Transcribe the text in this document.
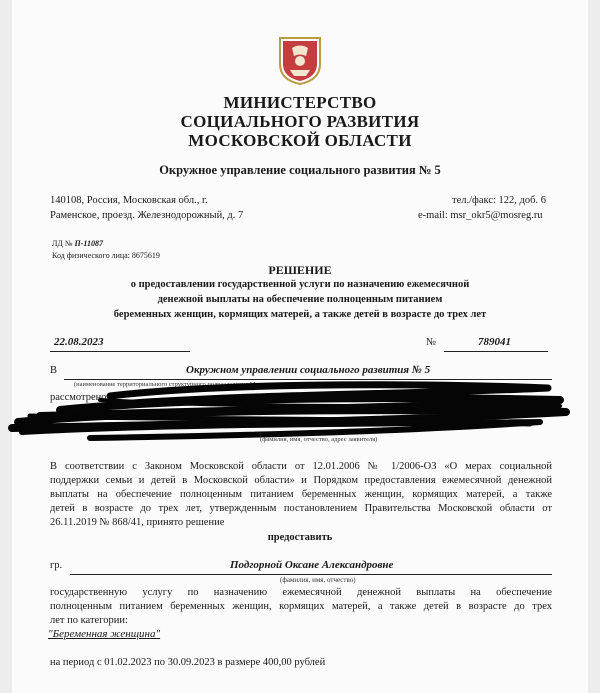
МИНИСТЕРСТВО
СОЦИАЛЬНОГО РАЗВИТИЯ
МОСКОВСКОЙ ОБЛАСТИ
Окружное управление социального развития № 5
140108, Россия, Московская обл., г.
Раменское, проезд. Железнодорожный, д. 7
тел./факс: 122, доб. 6
e-mail: msr_okr5@mosreg.ru
ЛД № П-11087
Код физического лица: 8675619
РЕШЕНИЕ
о предоставлении государственной услуги по назначению ежемесячной
денежной выплаты на обеспечение полноценным питанием
беременных женщин, кормящих матерей, а также детей в возрасте до трех лет
22.08.2023	№	789041
В	Окружном управлении социального развития № 5
(наименование территориального структурного подразделения Министерства социального развития Московской области)
рассмотрено
(фамилия, имя, отчество, адрес заявителя)
В соответствии с Законом Московской области от 12.01.2006 № 1/2006-ОЗ «О мерах социальной
поддержки семьи и детей в Московской области» и Порядком предоставления ежемесячной денежной
выплаты на обеспечение полноценным питанием беременных женщин, кормящих матерей, а также
детей в возрасте до трех лет, утвержденным постановлением Правительства Московской области от
26.11.2019 № 868/41, принято решение
предоставить
гр.	Подгорной Оксане Александровне
(фамилия, имя, отчество)
государственную услугу по назначению ежемесячной денежной выплаты на обеспечение
полноценным питанием беременных женщин, кормящих матерей, а также детей в возрасте до трех
лет по категории:
"Беременная женщина"
на период с 01.02.2023 по 30.09.2023 в размере 400,00 рублей
